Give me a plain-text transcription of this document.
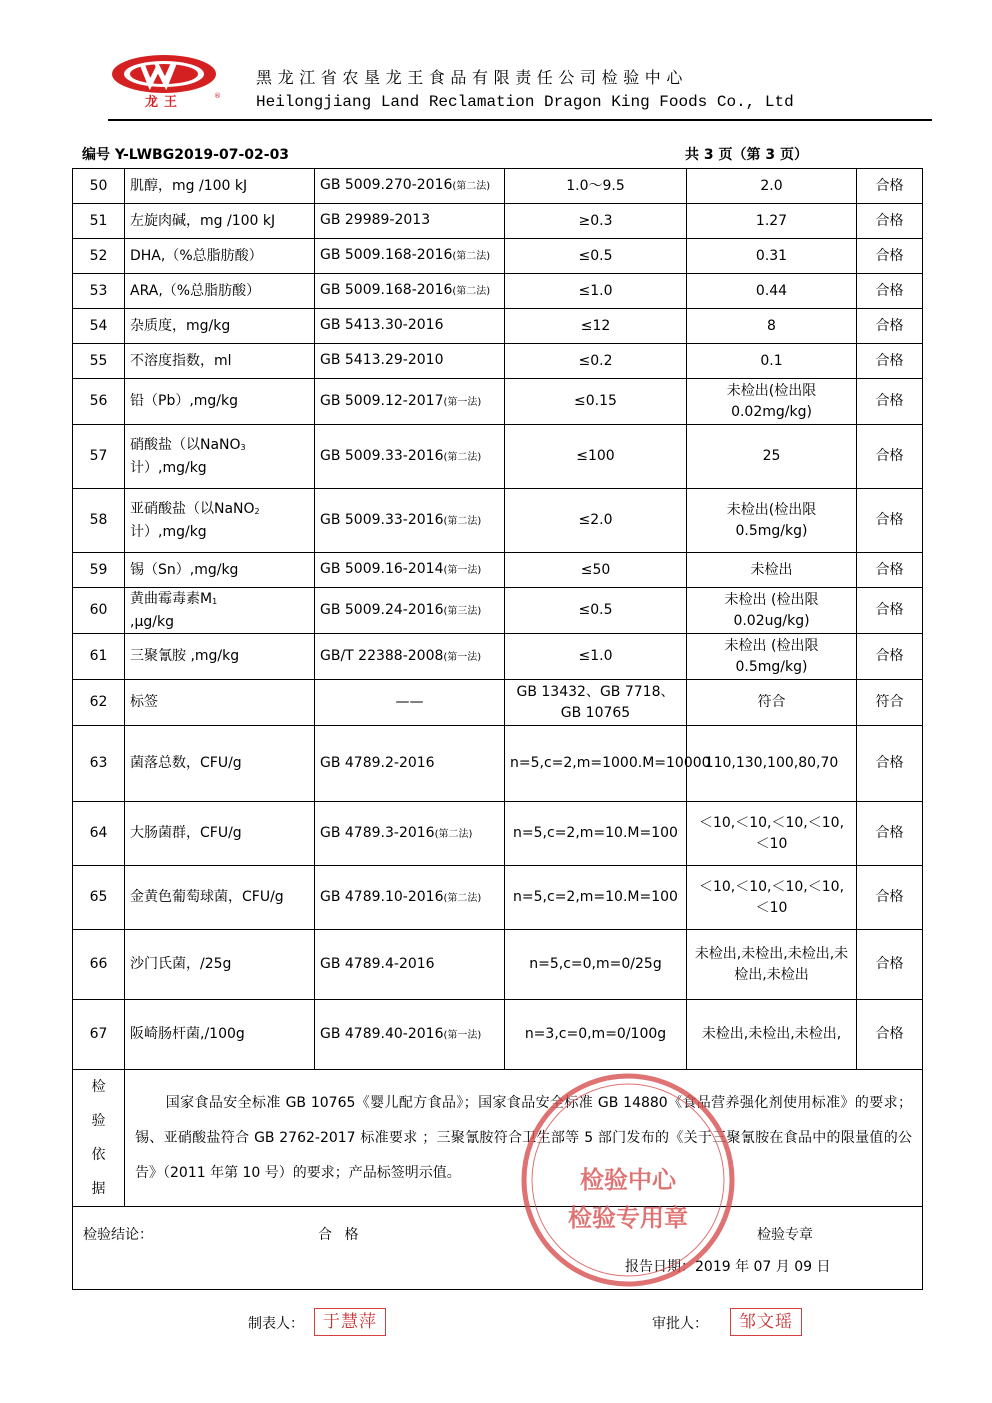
龙王	®
黑龙江省农垦龙王食品有限责任公司检验中心
Heilongjiang Land Reclamation Dragon King Foods Co., Ltd
编号 Y-LWBG2019-07-02-03	共 3 页（第 3 页）
50	肌醇，mg /100 kJ	GB 5009.270-2016(第二法)	1.0～9.5	2.0	合格
51	左旋肉碱，mg /100 kJ	GB 29989-2013	≥0.3	1.27	合格
52	DHA,（%总脂肪酸）	GB 5009.168-2016(第二法)	≤0.5	0.31	合格
53	ARA,（%总脂肪酸）	GB 5009.168-2016(第二法)	≤1.0	0.44	合格
54	杂质度，mg/kg	GB 5413.30-2016	≤12	8	合格
55	不溶度指数，ml	GB 5413.29-2010	≤0.2	0.1	合格
56	铅（Pb）,mg/kg	GB 5009.12-2017(第一法)	≤0.15	未检出(检出限 0.02mg/kg)	合格
57	硝酸盐（以NaNO$_3$
计）,mg/kg	GB 5009.33-2016(第二法)	≤100	25	合格
58	亚硝酸盐（以NaNO$_2$
计）,mg/kg	GB 5009.33-2016(第二法)	≤2.0	未检出(检出限 0.5mg/kg)	合格
59	锡（Sn）,mg/kg	GB 5009.16-2014(第一法)	≤50	未检出	合格
60	黄曲霉毒素$M_1$
,μg/kg	GB 5009.24-2016(第三法)	≤0.5	未检出 (检出限 0.02ug/kg)	合格
61	三聚氰胺 ,mg/kg	GB/T 22388-2008(第一法)	≤1.0	未检出 (检出限 0.5mg/kg)	合格
62	标签	——	GB 13432、GB 7718、GB 10765	符合	符合
63	菌落总数，CFU/g	GB 4789.2-2016	n=5,c=2,m=1000.M=10000	110,130,100,80,70	合格
64	大肠菌群，CFU/g	GB 4789.3-2016(第二法)	n=5,c=2,m=10.M=100	＜10,＜10,＜10,＜10,＜10	合格
65	金黄色葡萄球菌，CFU/g	GB 4789.10-2016(第二法)	n=5,c=2,m=10.M=100	＜10,＜10,＜10,＜10,＜10	合格
66	沙门氏菌，/25g	GB 4789.4-2016	n=5,c=0,m=0/25g	未检出,未检出,未检出,未检出,未检出	合格
67	阪崎肠杆菌,/100g	GB 4789.40-2016(第一法)	n=3,c=0,m=0/100g	未检出,未检出,未检出,	合格

检
验
依
据	国家食品安全标准 GB 10765《婴儿配方食品》；国家食品安全标准 GB 14880《食品营养强化剂使用标准》的要求；锡、亚硝酸盐符合 GB 2762-2017 标准要求 ；三聚氰胺符合卫生部等 5 部门发布的《关于三聚氰胺在食品中的限量值的公告》（2011 年第 10 号）的要求；产品标签明示值。				

检验结论： 合 格 检验专章
报告日期：2019 年 07 月 09 日					
检验中心
检验专用章
制表人：	于慧萍	审批人：	邹文瑶
